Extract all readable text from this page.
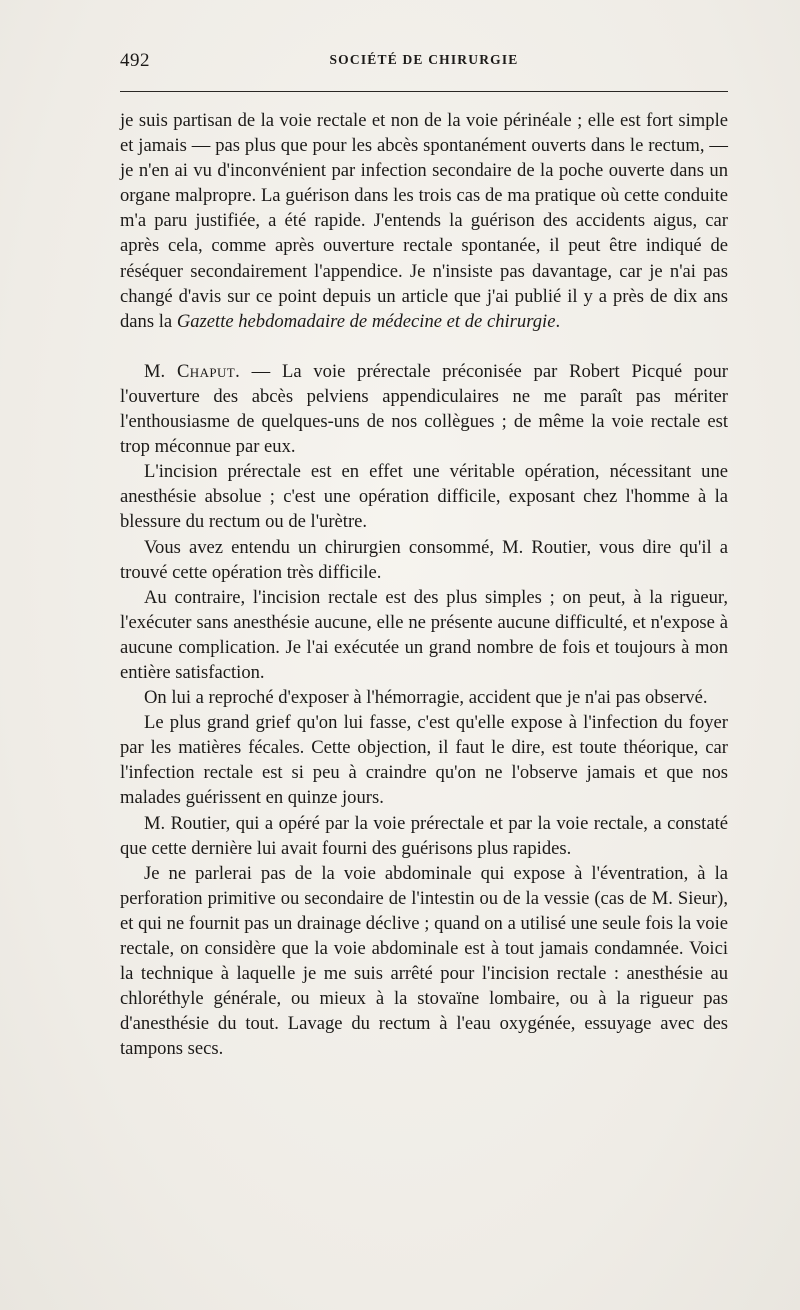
492	SOCIÉTÉ DE CHIRURGIE

je suis partisan de la voie rectale et non de la voie périnéale ; elle est fort simple et jamais — pas plus que pour les abcès spontanément ouverts dans le rectum, — je n'en ai vu d'inconvénient par infection secondaire de la poche ouverte dans un organe malpropre. La guérison dans les trois cas de ma pratique où cette conduite m'a paru justifiée, a été rapide. J'entends la guérison des accidents aigus, car après cela, comme après ouverture rectale spontanée, il peut être indiqué de réséquer secondairement l'appendice. Je n'insiste pas davantage, car je n'ai pas changé d'avis sur ce point depuis un article que j'ai publié il y a près de dix ans dans la Gazette hebdomadaire de médecine et de chirurgie.

M. Chaput. — La voie prérectale préconisée par Robert Picqué pour l'ouverture des abcès pelviens appendiculaires ne me paraît pas mériter l'enthousiasme de quelques-uns de nos collègues ; de même la voie rectale est trop méconnue par eux.

L'incision prérectale est en effet une véritable opération, nécessitant une anesthésie absolue ; c'est une opération difficile, exposant chez l'homme à la blessure du rectum ou de l'urètre.

Vous avez entendu un chirurgien consommé, M. Routier, vous dire qu'il a trouvé cette opération très difficile.

Au contraire, l'incision rectale est des plus simples ; on peut, à la rigueur, l'exécuter sans anesthésie aucune, elle ne présente aucune difficulté, et n'expose à aucune complication. Je l'ai exécutée un grand nombre de fois et toujours à mon entière satisfaction.

On lui a reproché d'exposer à l'hémorragie, accident que je n'ai pas observé.

Le plus grand grief qu'on lui fasse, c'est qu'elle expose à l'infection du foyer par les matières fécales. Cette objection, il faut le dire, est toute théorique, car l'infection rectale est si peu à craindre qu'on ne l'observe jamais et que nos malades guérissent en quinze jours.

M. Routier, qui a opéré par la voie prérectale et par la voie rectale, a constaté que cette dernière lui avait fourni des guérisons plus rapides.

Je ne parlerai pas de la voie abdominale qui expose à l'éventration, à la perforation primitive ou secondaire de l'intestin ou de la vessie (cas de M. Sieur), et qui ne fournit pas un drainage déclive ; quand on a utilisé une seule fois la voie rectale, on considère que la voie abdominale est à tout jamais condamnée. Voici la technique à laquelle je me suis arrêté pour l'incision rectale : anesthésie au chloréthyle générale, ou mieux à la stovaïne lombaire, ou à la rigueur pas d'anesthésie du tout. Lavage du rectum à l'eau oxygénée, essuyage avec des tampons secs.
